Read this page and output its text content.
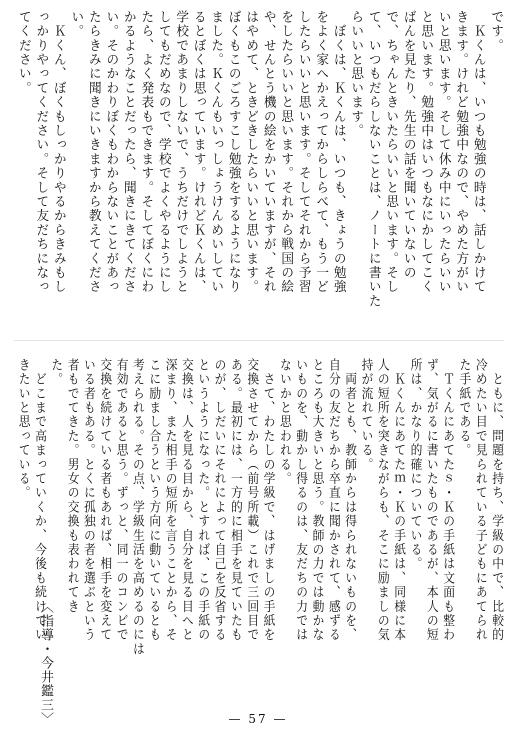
です。
　Ｋくんは、いつも勉強の時は、話しかけて
きます。けれど勉強中なので、やめた方がい
いと思います。そして休み中にいったらいい
と思います。勉強中はいつもなにかしてこく
ばんを見たり、先生の話を聞いていないの
で、ちゃんときいたらいいと思います。そし
て、いつもだらしないことは、ノートに書いた
らいいと思います。
　ぼくは、Ｋくんは、いつも、きょうの勉強
をよく家へかえってからしらべて、もう一ど
したらいいと思います。そしてそれから予習
をしたらいいと思います。それから戦国の絵
や、せんとう機の絵をかいていますが、それ
はやめて、ときどきしたらいいと思います。
ぼくもこのごろすこし勉強をするようになり
ました。Ｋくんもいっしょうけんめいしてい
るとぼくは思っています。けれどＫくんは、
学校であまりしないで、うちだけでしようと
してもだめなので、学校でよくやるようにし
たら、よく発表もできます。そしてぼくにわ
かるようなことだったら、聞きにきてくださ
い。そのかわりぼくもわからないことがあっ
たらきみに聞きにいきますから教えてくださ
い。
　Ｋくん、ぼくもしっかりやるからきみもし
っかりやってください。そして友だちになっ
てください。
　ともに、問題を持ち、学級の中で、比較的
冷めたい目で見られている子どもにあてられ
た手紙である。
　Ｔくんにあてたｓ・Ｋの手紙は文面も整わ
ず、気がるに書いたものであるが、本人の短
所は、かなり的確についている。
　Ｋくんにあてたｍ・Ｋの手紙は、同様に本
人の短所を突きながらも、そこに励ましの気
持が流れている。
　両者とも、教師からは得られないものを、
自分の友だちから卒直に聞かされて、感ずる
ところも大きいと思う。教師の力では動かな
いものを、動かし得るのは、友だちの力では
ないかと思われる。
　さて、わたしの学級で、はげましの手紙を
交換させてから（前号所載）これで三回目で
ある。最初には、一方的に相手を見ていたも
のが、しだいにそれによって自己を反省する
というようになった。とすれば、この手紙の
交換は、人を見る目から、自分を見る目へと
深まり、また相手の短所を言うことから、そ
こに励まし合うという方向に動いているとも
考えられる。その点、学級生活を高めるのには
有効であると思う。ずっと、同一のコンビで
交換を続けている者もあれば、相手を変えて
いる者もある。とくに孤独の者を選ぶという
者もでてきた。男女の交換も表われてき
た。
　どこまで高まっていくか、今後も続けてい
きたいと思っている。
〈指導・今井鑑三〉	— 57 —
